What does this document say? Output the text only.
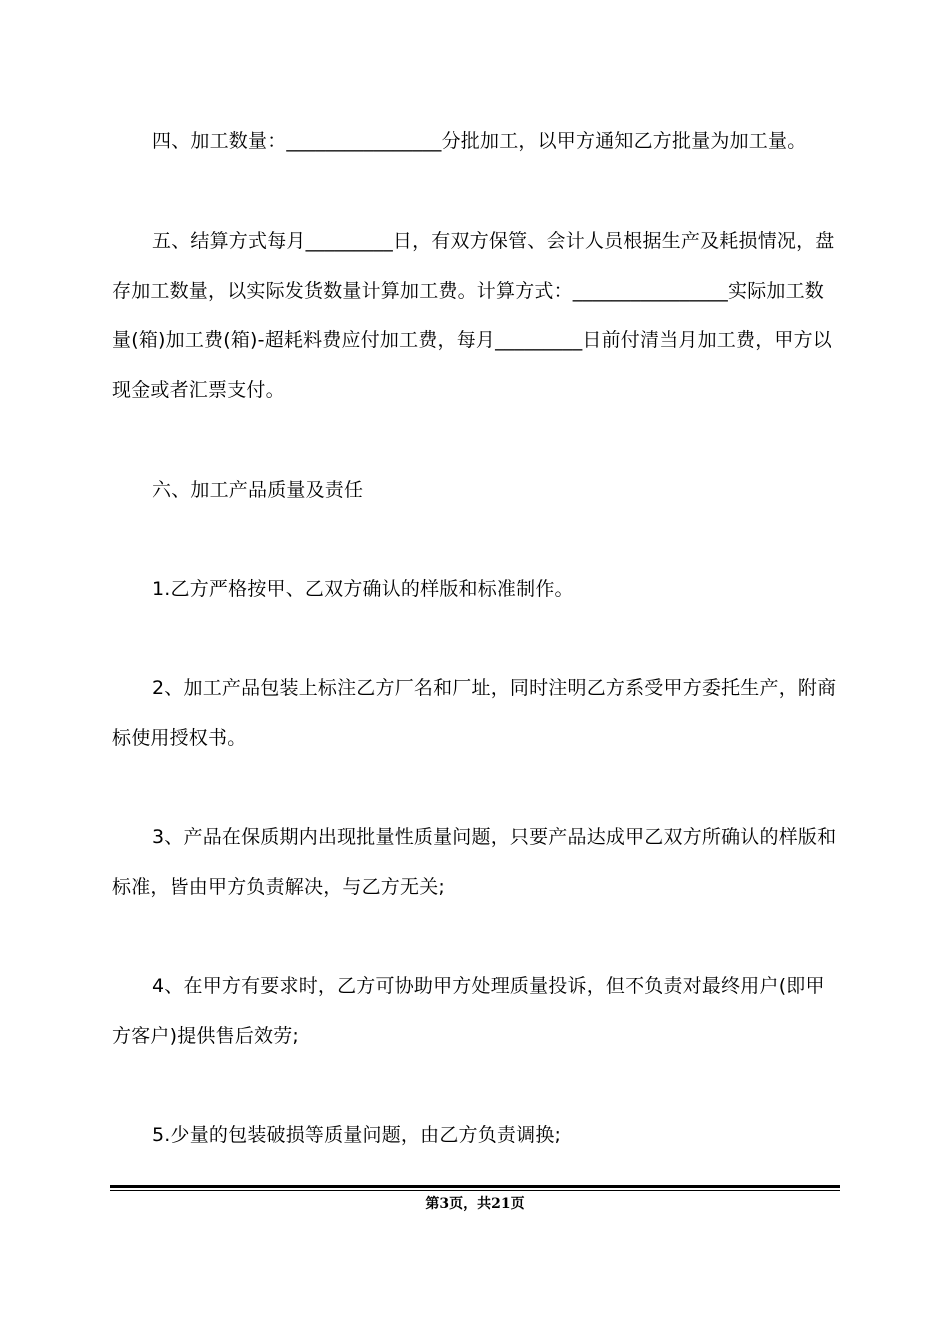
四、加工数量：________________分批加工，以甲方通知乙方批量为加工量。

五、结算方式每月_________日，有双方保管、会计人员根据生产及耗损情况，盘存加工数量，以实际发货数量计算加工费。计算方式：________________实际加工数量(箱)加工费(箱)-超耗料费应付加工费，每月_________日前付清当月加工费，甲方以现金或者汇票支付。

六、加工产品质量及责任

1.乙方严格按甲、乙双方确认的样版和标准制作。

2、加工产品包装上标注乙方厂名和厂址，同时注明乙方系受甲方委托生产，附商标使用授权书。

3、产品在保质期内出现批量性质量问题，只要产品达成甲乙双方所确认的样版和标准，皆由甲方负责解决，与乙方无关;

4、在甲方有要求时，乙方可协助甲方处理质量投诉，但不负责对最终用户(即甲方客户)提供售后效劳;

5.少量的包装破损等质量问题，由乙方负责调换;

第3页，共21页
